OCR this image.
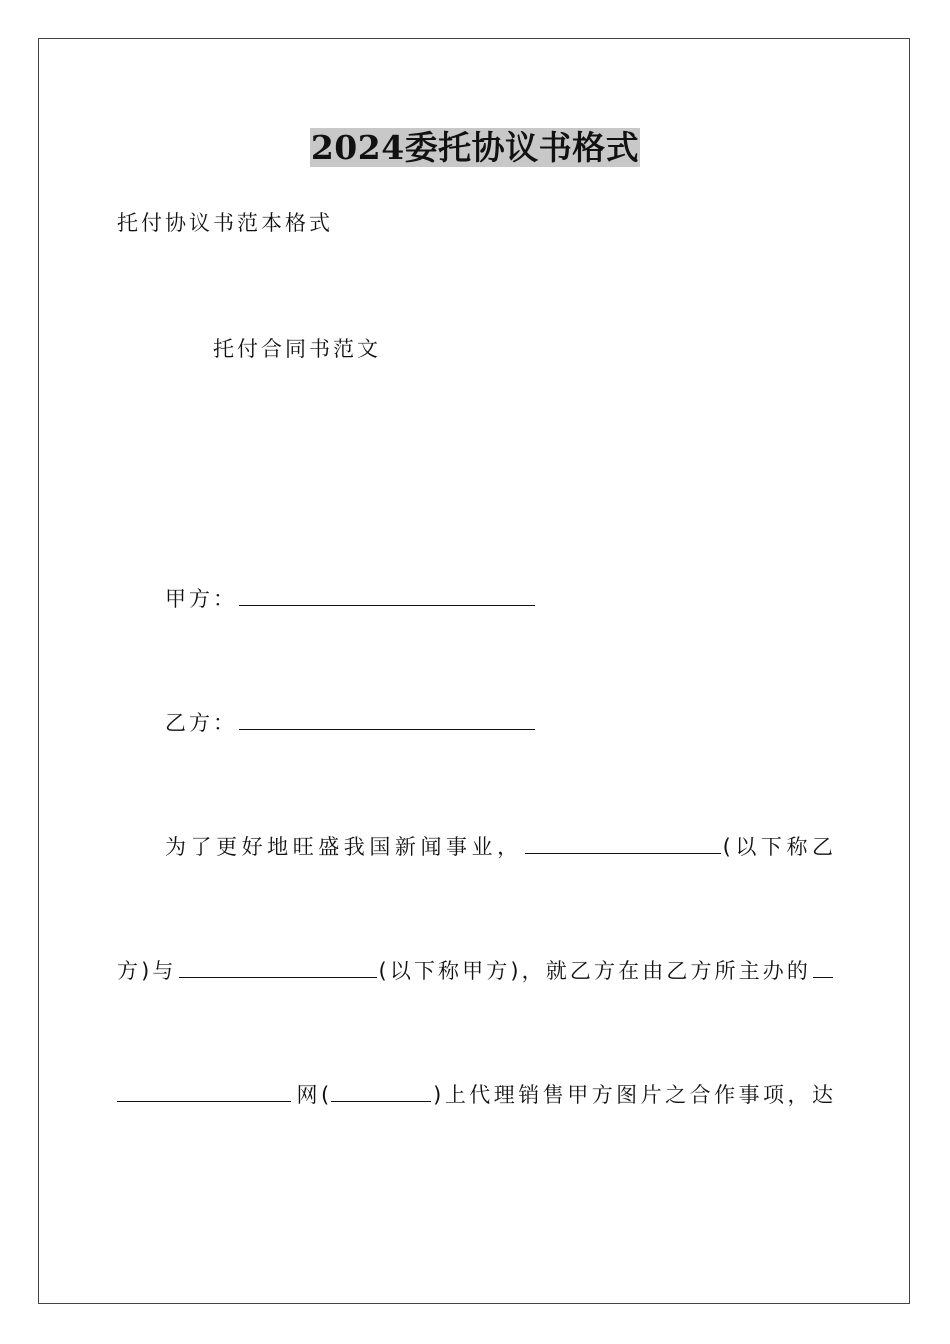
2024委托协议书格式
托付协议书范本格式
托付合同书范文
甲方：
乙方：
为了更好地旺盛我国新闻事业，	(以下称乙
方)与	(以下称甲方)，就乙方在由乙方所主办的
网(	)上代理销售甲方图片之合作事项，达
